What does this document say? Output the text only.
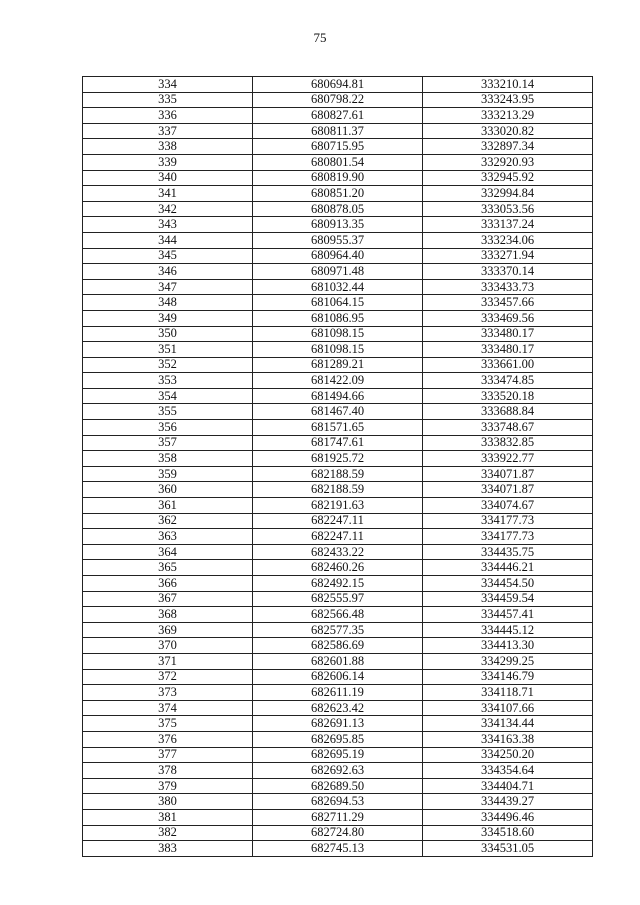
75
334	680694.81	333210.14
335	680798.22	333243.95
336	680827.61	333213.29
337	680811.37	333020.82
338	680715.95	332897.34
339	680801.54	332920.93
340	680819.90	332945.92
341	680851.20	332994.84
342	680878.05	333053.56
343	680913.35	333137.24
344	680955.37	333234.06
345	680964.40	333271.94
346	680971.48	333370.14
347	681032.44	333433.73
348	681064.15	333457.66
349	681086.95	333469.56
350	681098.15	333480.17
351	681098.15	333480.17
352	681289.21	333661.00
353	681422.09	333474.85
354	681494.66	333520.18
355	681467.40	333688.84
356	681571.65	333748.67
357	681747.61	333832.85
358	681925.72	333922.77
359	682188.59	334071.87
360	682188.59	334071.87
361	682191.63	334074.67
362	682247.11	334177.73
363	682247.11	334177.73
364	682433.22	334435.75
365	682460.26	334446.21
366	682492.15	334454.50
367	682555.97	334459.54
368	682566.48	334457.41
369	682577.35	334445.12
370	682586.69	334413.30
371	682601.88	334299.25
372	682606.14	334146.79
373	682611.19	334118.71
374	682623.42	334107.66
375	682691.13	334134.44
376	682695.85	334163.38
377	682695.19	334250.20
378	682692.63	334354.64
379	682689.50	334404.71
380	682694.53	334439.27
381	682711.29	334496.46
382	682724.80	334518.60
383	682745.13	334531.05
